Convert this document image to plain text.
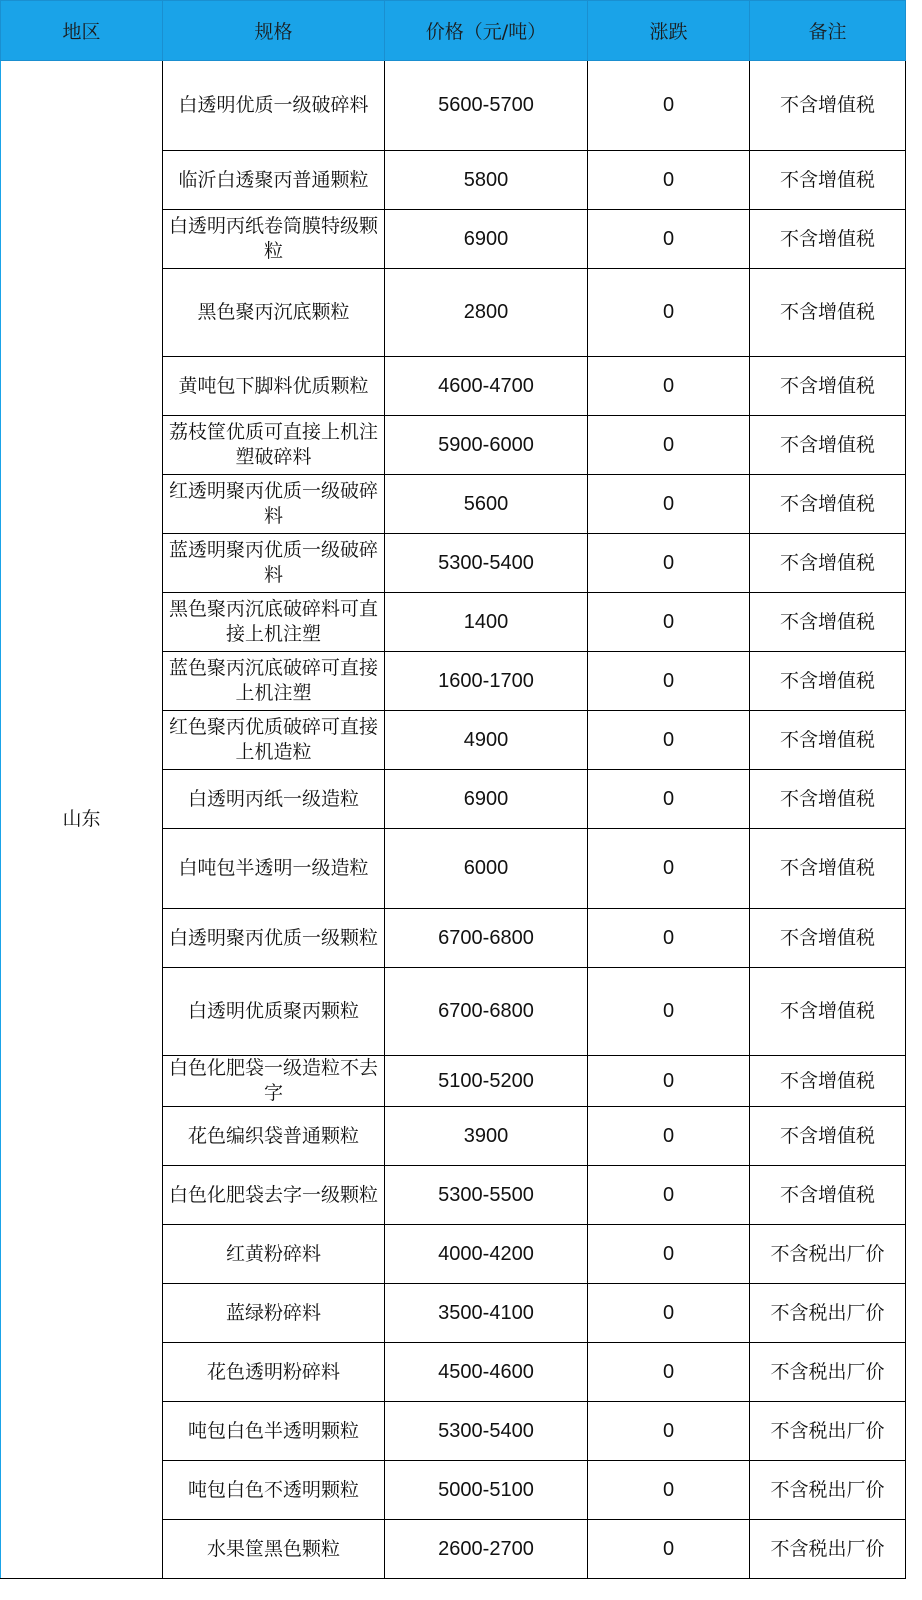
地区	规格	价格（元/吨）	涨跌	备注
山东	白透明优质一级破碎料	5600-5700	0	不含增值税
	临沂白透聚丙普通颗粒	5800	0	不含增值税
	白透明丙纸卷筒膜特级颗粒	6900	0	不含增值税
	黑色聚丙沉底颗粒	2800	0	不含增值税
	黄吨包下脚料优质颗粒	4600-4700	0	不含增值税
	荔枝筐优质可直接上机注塑破碎料	5900-6000	0	不含增值税
	红透明聚丙优质一级破碎料	5600	0	不含增值税
	蓝透明聚丙优质一级破碎料	5300-5400	0	不含增值税
	黑色聚丙沉底破碎料可直接上机注塑	1400	0	不含增值税
	蓝色聚丙沉底破碎可直接上机注塑	1600-1700	0	不含增值税
	红色聚丙优质破碎可直接上机造粒	4900	0	不含增值税
	白透明丙纸一级造粒	6900	0	不含增值税
	白吨包半透明一级造粒	6000	0	不含增值税
	白透明聚丙优质一级颗粒	6700-6800	0	不含增值税
	白透明优质聚丙颗粒	6700-6800	0	不含增值税
	白色化肥袋一级造粒不去字	5100-5200	0	不含增值税
	花色编织袋普通颗粒	3900	0	不含增值税
	白色化肥袋去字一级颗粒	5300-5500	0	不含增值税
	红黄粉碎料	4000-4200	0	不含税出厂价
	蓝绿粉碎料	3500-4100	0	不含税出厂价
	花色透明粉碎料	4500-4600	0	不含税出厂价
	吨包白色半透明颗粒	5300-5400	0	不含税出厂价
	吨包白色不透明颗粒	5000-5100	0	不含税出厂价
	水果筐黑色颗粒	2600-2700	0	不含税出厂价
